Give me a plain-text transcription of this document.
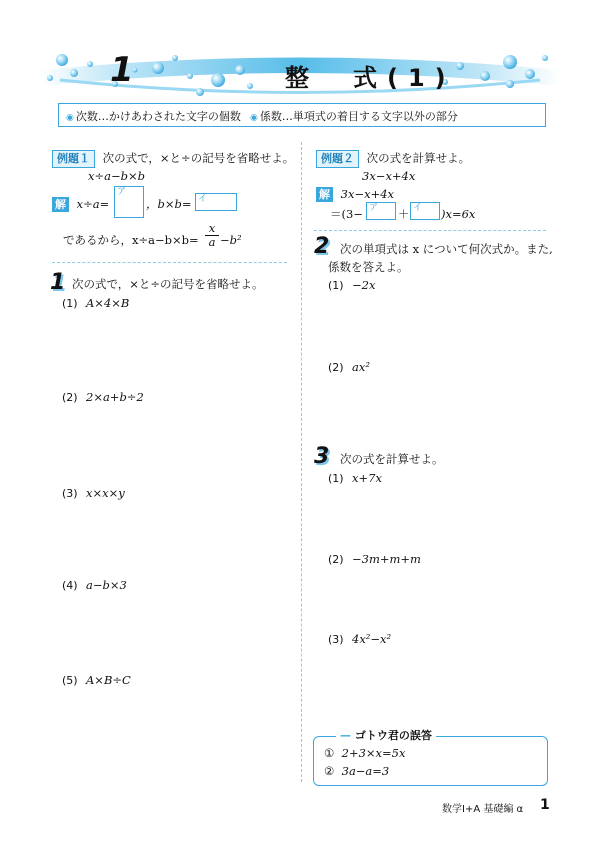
1	整　式(1)
◉ 次数…かけあわされた文字の個数 ◉ 係数…単項式の着目する文字以外の部分
例題１ 次の式で，×と÷の記号を省略せよ。
x÷a−b×b
解 x÷a=
ア
，b×b= イ
であるから，$x\div a-b\times b= \frac{x}{a} -b^2$
1 次の式で，×と÷の記号を省略せよ。
(1) A×4×B
(2) 2×a+b÷2
(3) x×x×y
(4) a−b×3
(5) A×B÷C
例題２ 次の式を計算せよ。
3x−x+4x
解 3x−x+4x
＝(3− ア ＋ イ )x=6x
2 次の単項式は x について何次式か。また,
係数を答えよ。
(1) −2x
(2) ax²
3 次の式を計算せよ。
(1) x+7x
(2) −3m+m+m
(3) 4x²−x²
— ゴトウ君の誤答
① 2+3×x=5x
② 3a−a=3
数学Ⅰ+A 基礎編 α 1
